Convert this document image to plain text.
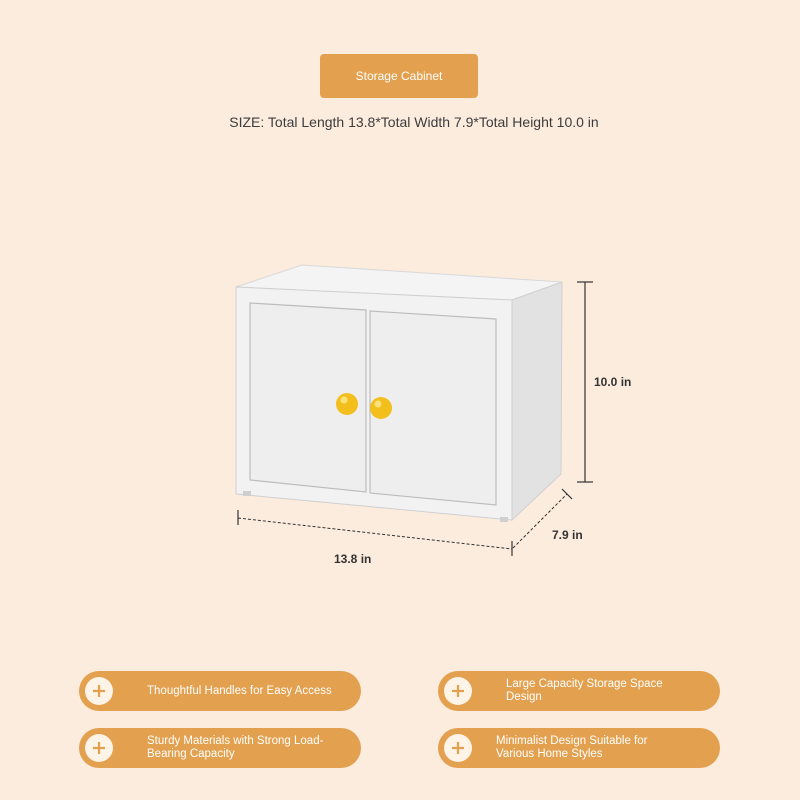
Storage Cabinet
SIZE: Total Length 13.8*Total Width 7.9*Total Height 10.0 in
10.0 in
7.9 in
13.8 in
Thoughtful Handles for Easy Access
Large Capacity Storage Space Design
Sturdy Materials with Strong Load-Bearing Capacity
Minimalist Design Suitable for Various Home Styles
